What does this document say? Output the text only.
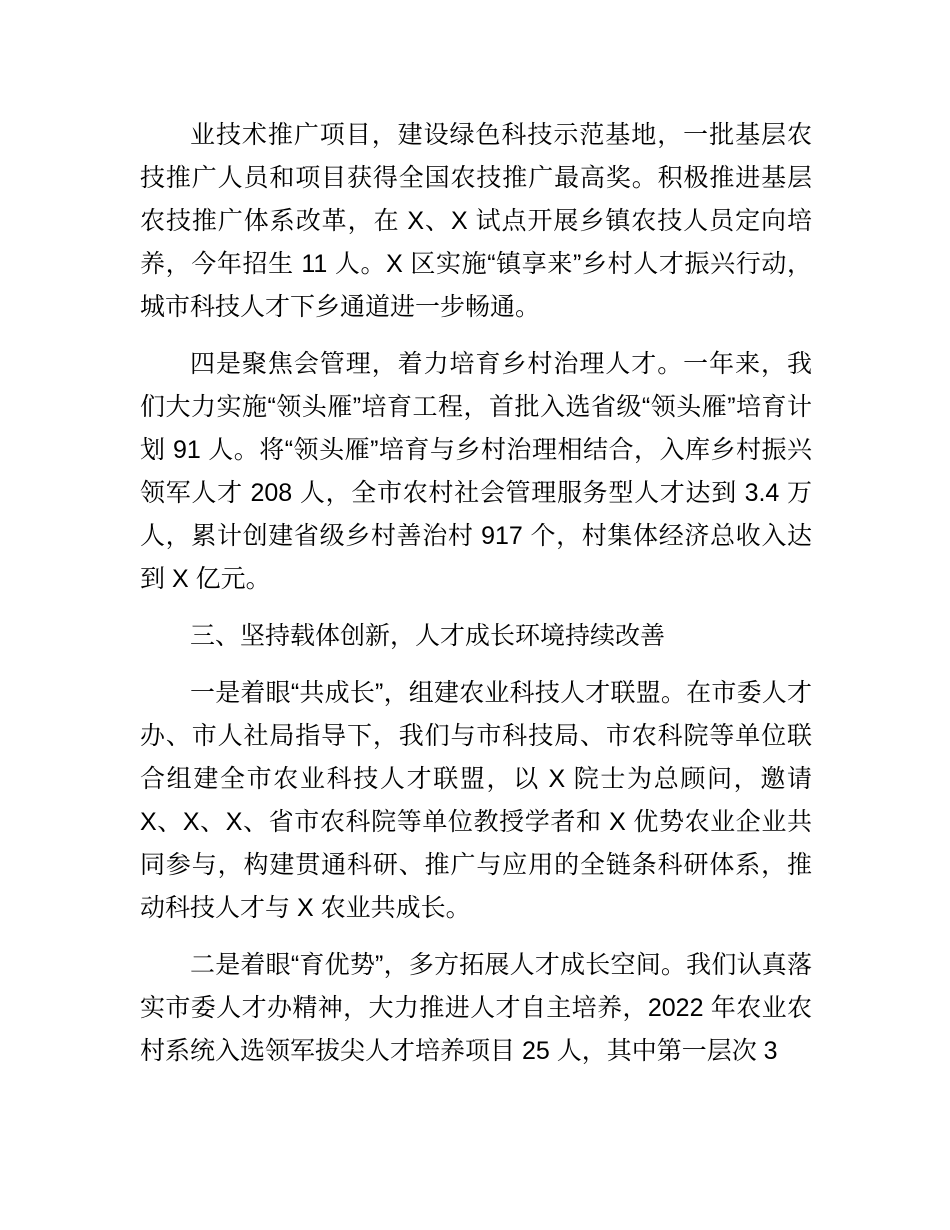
业技术推广项目，建设绿色科技示范基地，一批基层农技推广人员和项目获得全国农技推广最高奖。积极推进基层农技推广体系改革，在 X、X 试点开展乡镇农技人员定向培养，今年招生 11 人。X 区实施“镇享来”乡村人才振兴行动，城市科技人才下乡通道进一步畅通。

四是聚焦会管理，着力培育乡村治理人才。一年来，我们大力实施“领头雁”培育工程，首批入选省级“领头雁”培育计划 91 人。将“领头雁”培育与乡村治理相结合，入库乡村振兴领军人才 208 人，全市农村社会管理服务型人才达到 3.4 万人，累计创建省级乡村善治村 917 个，村集体经济总收入达到 X 亿元。

三、坚持载体创新，人才成长环境持续改善

一是着眼“共成长”，组建农业科技人才联盟。在市委人才办、市人社局指导下，我们与市科技局、市农科院等单位联合组建全市农业科技人才联盟，以 X 院士为总顾问，邀请 X、X、X、省市农科院等单位教授学者和 X 优势农业企业共同参与，构建贯通科研、推广与应用的全链条科研体系，推动科技人才与 X 农业共成长。

二是着眼“育优势”，多方拓展人才成长空间。我们认真落实市委人才办精神，大力推进人才自主培养，2022 年农业农村系统入选领军拔尖人才培养项目 25 人，其中第一层次 3
